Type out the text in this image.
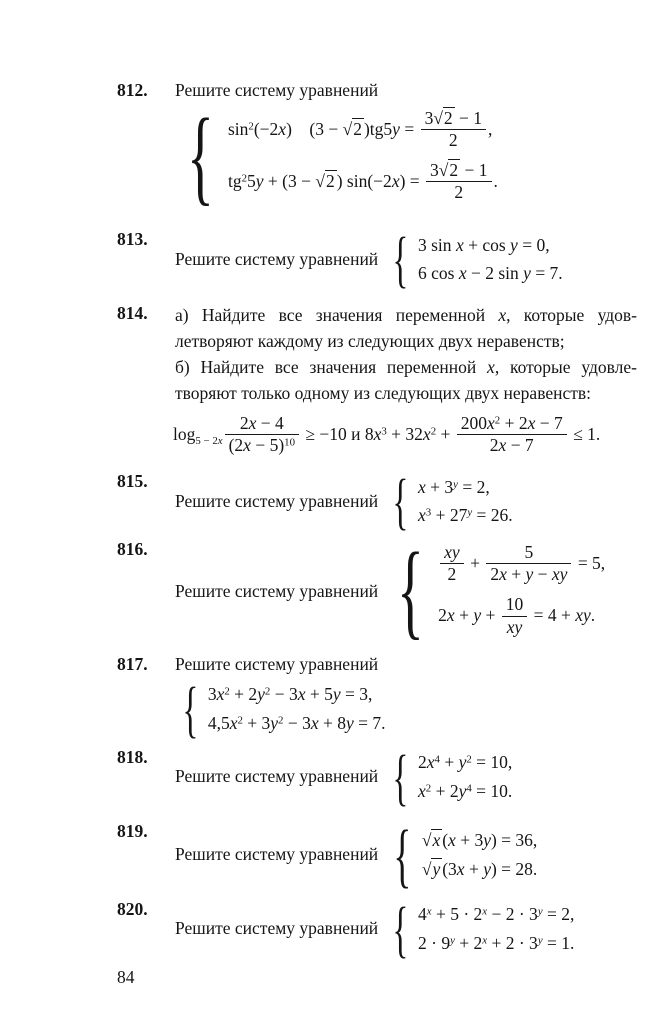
812.	Решите систему уравнений
{ $\sin^2(-2x)$  (3 − √2 )$tg5y = \frac{3√2 - 1}{2}$ ,
$tg^25y + (3 - √2$ ) $\sin(-2x) = \frac{3√2 - 1}{2}$ .
813.
Решите систему уравнений { 3 sin x + cos y = 0,
6 cos x − 2 sin y = 7.
814.	а) Найдите все значения переменной x, которые удов-
летворяют каждому из следующих двух неравенств;
б) Найдите все значения переменной x, которые удовле-
творяют только одному из следующих двух неравенств:
$\log_{5 - 2x} \frac{2x - 4}{(2x - 5)^{10}} \ge -10$ и $8x^3 + 32x^2 + \frac{200x^2 + 2x - 7}{2x - 7} \le 1$.
815.
Решите систему уравнений { $x + 3^y = 2$,
$x^3 + 27^y = 26$.
816.
Решите систему уравнений { $\frac{xy}{2} + \frac{5}{2x + y - xy} = 5$,
$2x + y + \frac{10}{xy} = 4$ + xy.
817.	Решите систему уравнений
{ $3x^2 + 2y^2 - 3x + 5y = 3$,
$4,5x^2 + 3y^2 - 3x + 8y = 7$.
818.
Решите систему уравнений { $2x^4 + y^2 = 10$,
$x^2 + 2y^4 = 10$.
819.
Решите систему уравнений { √x (x + 3y) = 36,
√y (3x + y) = 28.
820.
Решите систему уравнений { $4^x + 5 \cdot 2^x - 2 \cdot 3^y = 2$,
$2 \cdot 9^y + 2^x + 2 \cdot 3^y = 1$.
84
